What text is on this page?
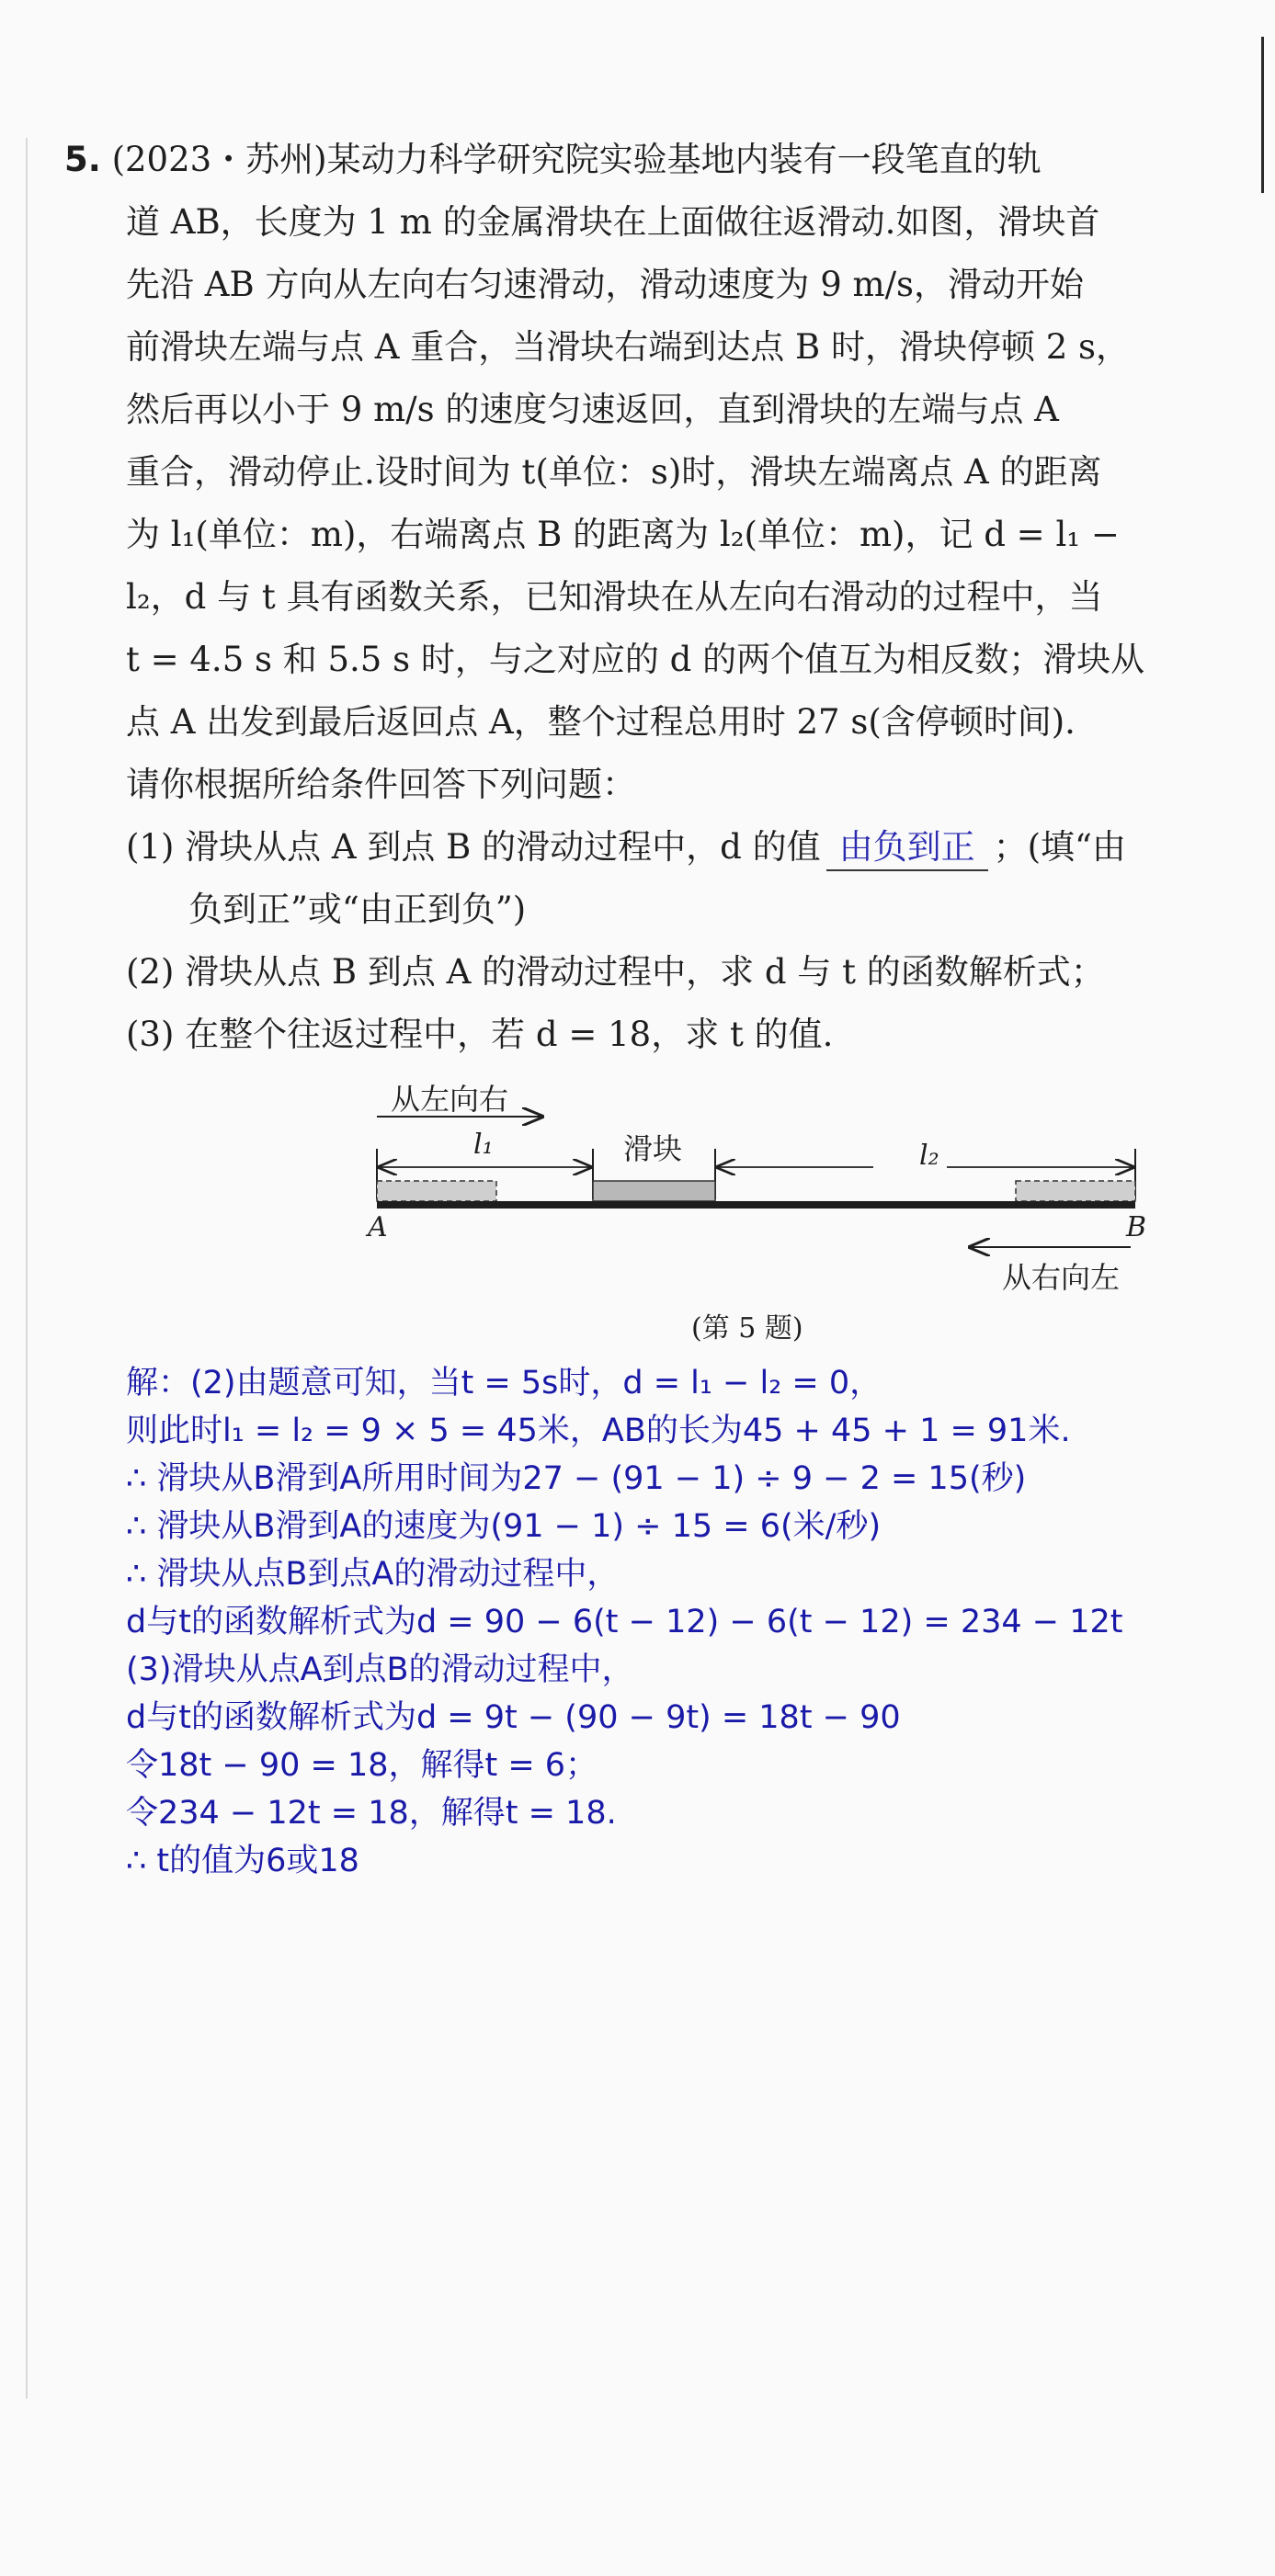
5. (2023・苏州)某动力科学研究院实验基地内装有一段笔直的轨
道 AB，长度为 1 m 的金属滑块在上面做往返滑动.如图，滑块首
先沿 AB 方向从左向右匀速滑动，滑动速度为 9 m/s，滑动开始
前滑块左端与点 A 重合，当滑块右端到达点 B 时，滑块停顿 2 s，
然后再以小于 9 m/s 的速度匀速返回，直到滑块的左端与点 A
重合，滑动停止.设时间为 t(单位：s)时，滑块左端离点 A 的距离
为 l₁(单位：m)，右端离点 B 的距离为 l₂(单位：m)，记 d = l₁ −
l₂，d 与 t 具有函数关系，已知滑块在从左向右滑动的过程中，当
t = 4.5 s 和 5.5 s 时，与之对应的 d 的两个值互为相反数；滑块从
点 A 出发到最后返回点 A，整个过程总用时 27 s(含停顿时间).
请你根据所给条件回答下列问题：
(1) 滑块从点 A 到点 B 的滑动过程中，d 的值 由负到正 ；(填“由
负到正”或“由正到负”)
(2) 滑块从点 B 到点 A 的滑动过程中，求 d 与 t 的函数解析式；
(3) 在整个往返过程中，若 d = 18，求 t 的值.
从左向右
l₁	滑块	l₂
A	B
从右向左
(第 5 题)
解：(2)由题意可知，当t = 5s时，d = l₁ − l₂ = 0，
则此时l₁ = l₂ = 9 × 5 = 45米，AB的长为45 + 45 + 1 = 91米.
∴ 滑块从B滑到A所用时间为27 − (91 − 1) ÷ 9 − 2 = 15(秒)
∴ 滑块从B滑到A的速度为(91 − 1) ÷ 15 = 6(米/秒)
∴ 滑块从点B到点A的滑动过程中，
d与t的函数解析式为d = 90 − 6(t − 12) − 6(t − 12) = 234 − 12t
(3)滑块从点A到点B的滑动过程中，
d与t的函数解析式为d = 9t − (90 − 9t) = 18t − 90
令18t − 90 = 18，解得t = 6；
令234 − 12t = 18，解得t = 18.
∴ t的值为6或18
